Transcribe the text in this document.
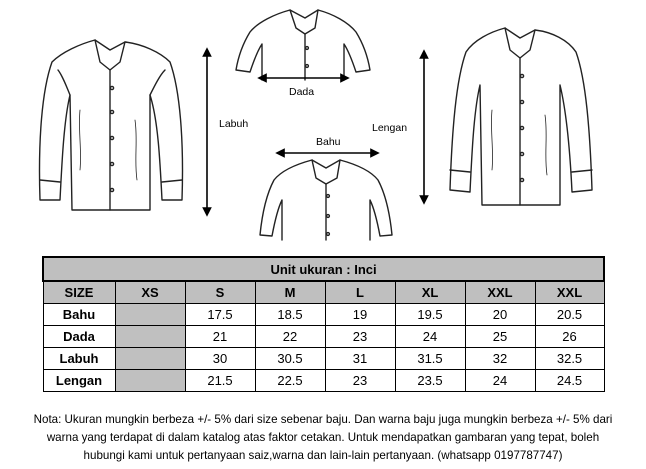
Labuh
Dada
Bahu
Lengan
Unit ukuran : Inci							
SIZE	XS	S	M	L	XL	XXL	XXL
Bahu		17.5	18.5	19	19.5	20	20.5
Dada		21	22	23	24	25	26
Labuh		30	30.5	31	31.5	32	32.5
Lengan		21.5	22.5	23	23.5	24	24.5
Nota: Ukuran mungkin berbeza +/- 5% dari size sebenar baju. Dan warna baju juga mungkin berbeza +/- 5% dari
warna yang terdapat di dalam katalog atas faktor cetakan. Untuk mendapatkan gambaran yang tepat, boleh
hubungi kami untuk pertanyaan saiz,warna dan lain-lain pertanyaan. (whatsapp 0197787747)
